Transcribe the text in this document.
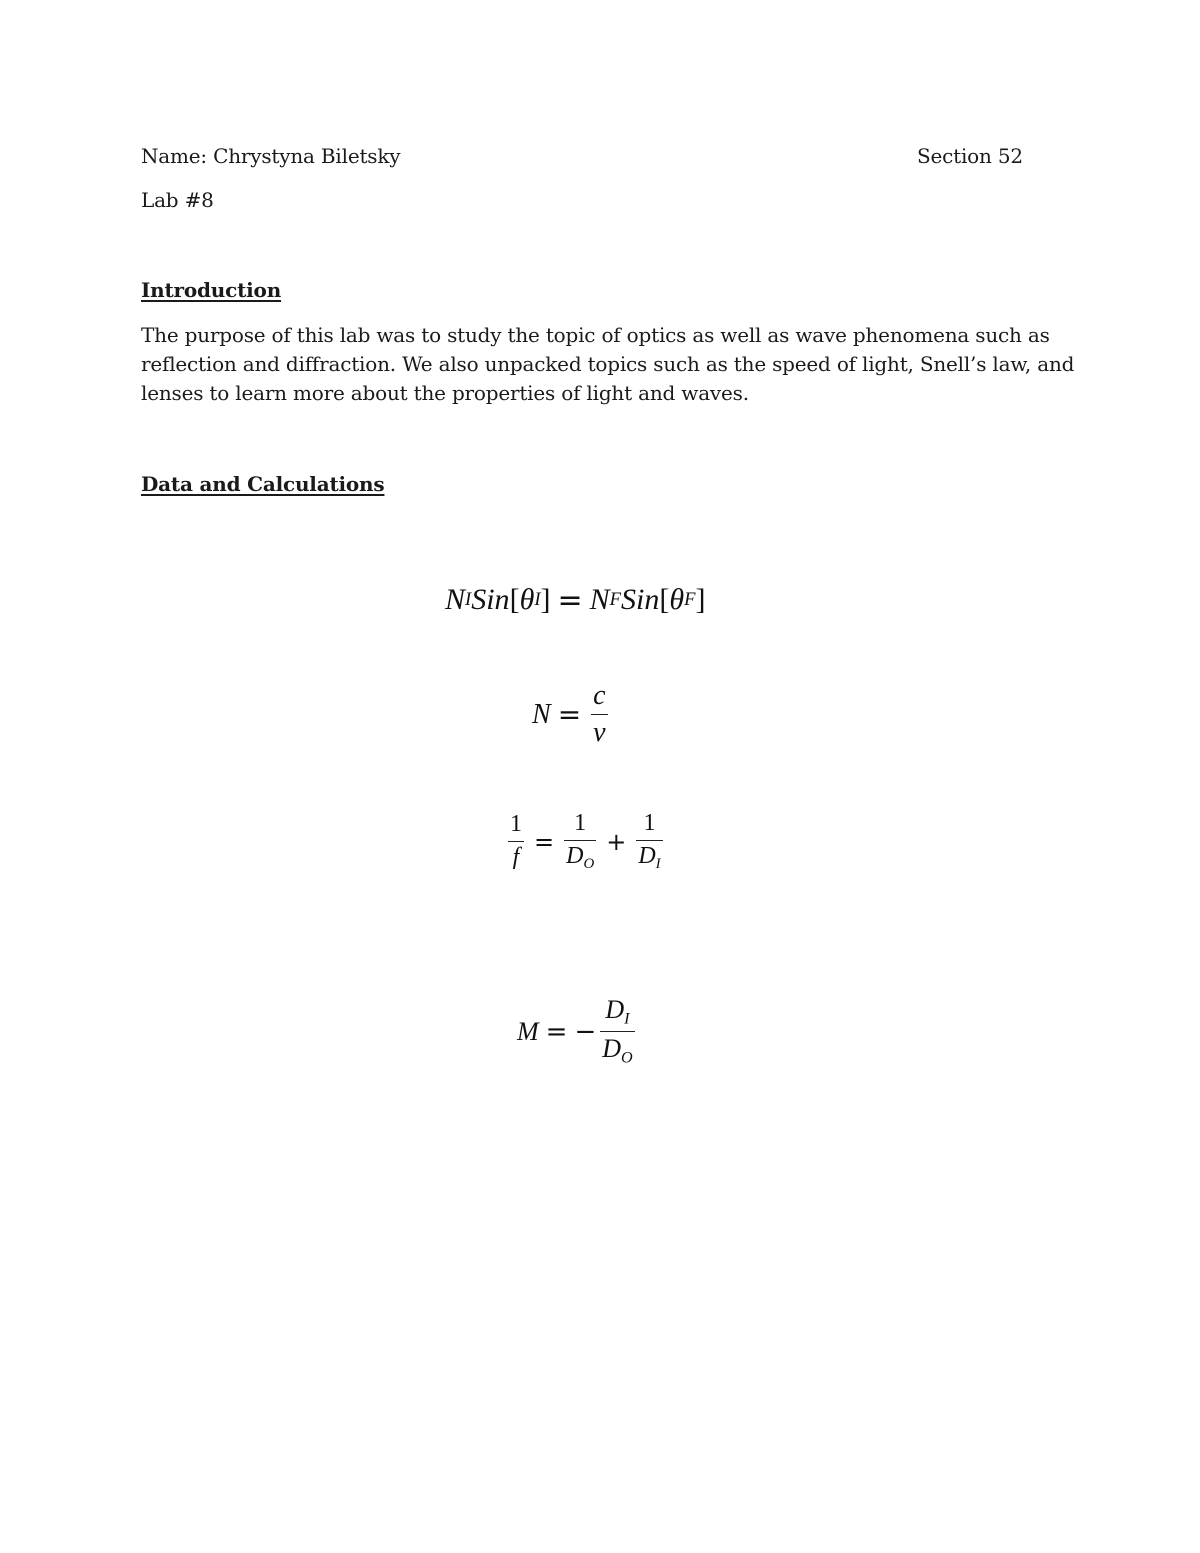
Name: Chrystyna Biletsky	Section 52
Lab #8
Introduction
The purpose of this lab was to study the topic of optics as well as wave phenomena such as
reflection and diffraction. We also unpacked topics such as the speed of light, Snell’s law, and
lenses to learn more about the properties of light and waves.
Data and Calculations
N I Sin [ θ I ] = N F Sin [ θ F ]
$N = \frac{c}{v}$
$\frac{1}{f} = \frac{1}{D_O} + \frac{1}{D_I}$
M = − $\frac{D_I}{D_O}$
